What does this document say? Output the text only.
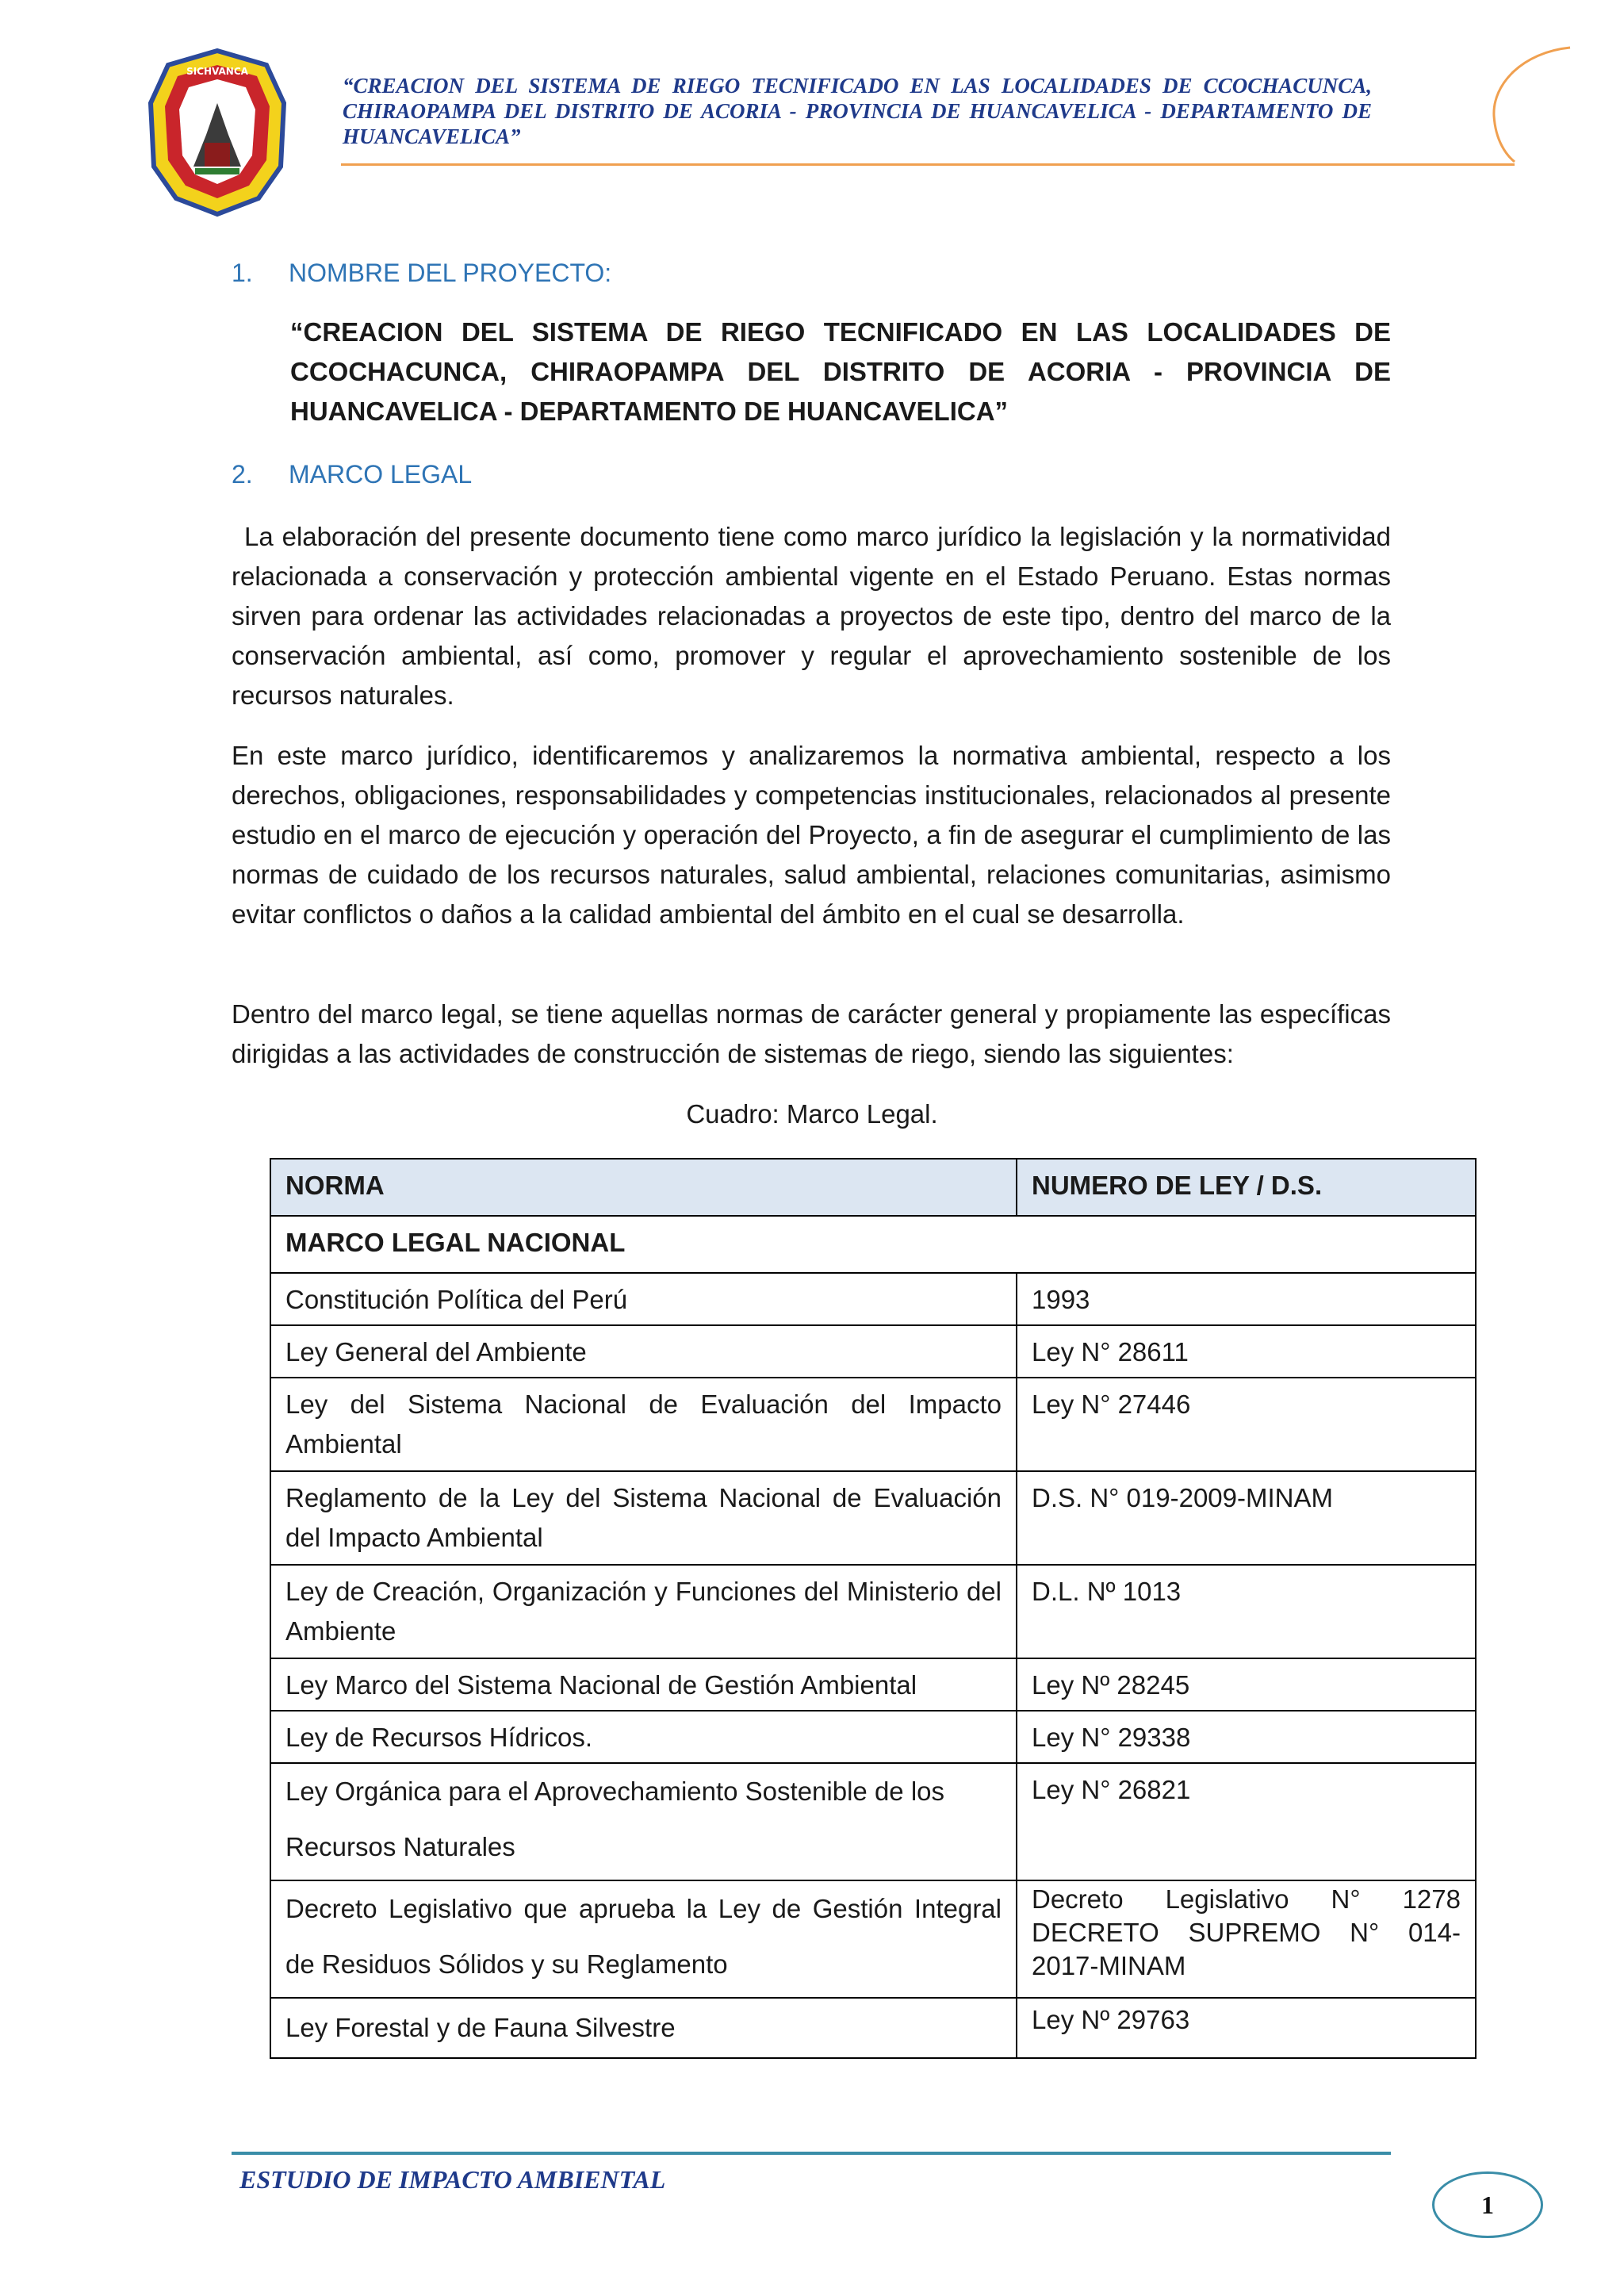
SICHVANCA
“CREACION DEL SISTEMA DE RIEGO TECNIFICADO EN LAS LOCALIDADES DE CCOCHACUNCA, CHIRAOPAMPA DEL DISTRITO DE ACORIA - PROVINCIA DE HUANCAVELICA - DEPARTAMENTO DE HUANCAVELICA”
1. NOMBRE DEL PROYECTO:
“CREACION DEL SISTEMA DE RIEGO TECNIFICADO EN LAS LOCALIDADES DE CCOCHACUNCA, CHIRAOPAMPA DEL DISTRITO DE ACORIA - PROVINCIA DE HUANCAVELICA - DEPARTAMENTO DE HUANCAVELICA”
2. MARCO LEGAL

La elaboración del presente documento tiene como marco jurídico la legislación y la normatividad relacionada a conservación y protección ambiental vigente en el Estado Peruano. Estas normas sirven para ordenar las actividades relacionadas a proyectos de este tipo, dentro del marco de la conservación ambiental, así como, promover y regular el aprovechamiento sostenible de los recursos naturales.

En este marco jurídico, identificaremos y analizaremos la normativa ambiental, respecto a los derechos, obligaciones, responsabilidades y competencias institucionales, relacionados al presente estudio en el marco de ejecución y operación del Proyecto, a fin de asegurar el cumplimiento de las normas de cuidado de los recursos naturales, salud ambiental, relaciones comunitarias, asimismo evitar conflictos o daños a la calidad ambiental del ámbito en el cual se desarrolla.

Dentro del marco legal, se tiene aquellas normas de carácter general y propiamente las específicas dirigidas a las actividades de construcción de sistemas de riego, siendo las siguientes:

Cuadro: Marco Legal.
NORMA	NUMERO DE LEY / D.S.
MARCO LEGAL NACIONAL	
Constitución Política del Perú	1993
Ley General del Ambiente	Ley N° 28611
Ley del Sistema Nacional de Evaluación del Impacto Ambiental	Ley N° 27446
Reglamento de la Ley del Sistema Nacional de Evaluación del Impacto Ambiental	D.S. N° 019-2009-MINAM
Ley de Creación, Organización y Funciones del Ministerio del Ambiente	D.L. Nº 1013
Ley Marco del Sistema Nacional de Gestión Ambiental	Ley Nº 28245
Ley de Recursos Hídricos.	Ley N° 29338
Ley Orgánica para el Aprovechamiento Sostenible de los Recursos Naturales	Ley N° 26821
Decreto Legislativo que aprueba la Ley de Gestión Integral de Residuos Sólidos y su Reglamento	Decreto Legislativo N° 1278 DECRETO SUPREMO N° 014- 2017-MINAM
Ley Forestal y de Fauna Silvestre	Ley Nº 29763
ESTUDIO DE IMPACTO AMBIENTAL
1
